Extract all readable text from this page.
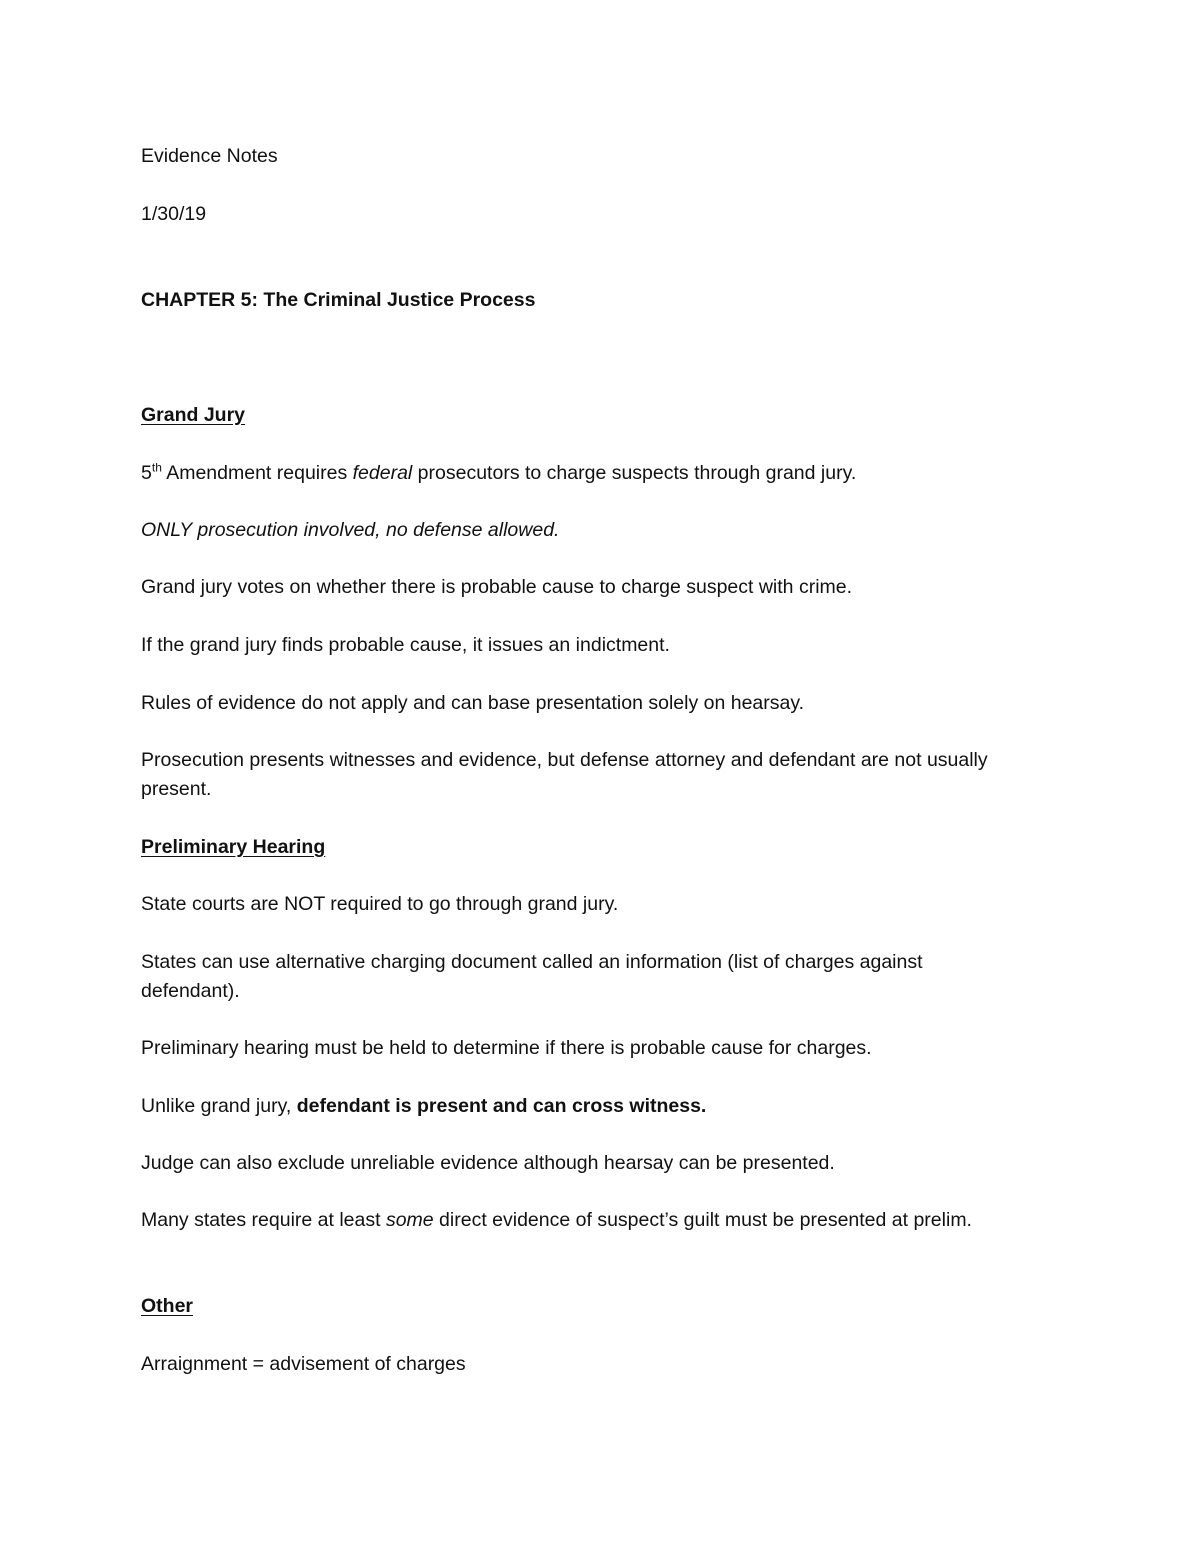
Evidence Notes
1/30/19
CHAPTER 5: The Criminal Justice Process
Grand Jury
5th Amendment requires federal prosecutors to charge suspects through grand jury.
ONLY prosecution involved, no defense allowed.
Grand jury votes on whether there is probable cause to charge suspect with crime.
If the grand jury finds probable cause, it issues an indictment.
Rules of evidence do not apply and can base presentation solely on hearsay.
Prosecution presents witnesses and evidence, but defense attorney and defendant are not usually present.
Preliminary Hearing
State courts are NOT required to go through grand jury.
States can use alternative charging document called an information (list of charges against defendant).
Preliminary hearing must be held to determine if there is probable cause for charges.
Unlike grand jury, defendant is present and can cross witness.
Judge can also exclude unreliable evidence although hearsay can be presented.
Many states require at least some direct evidence of suspect’s guilt must be presented at prelim.
Other
Arraignment = advisement of charges
